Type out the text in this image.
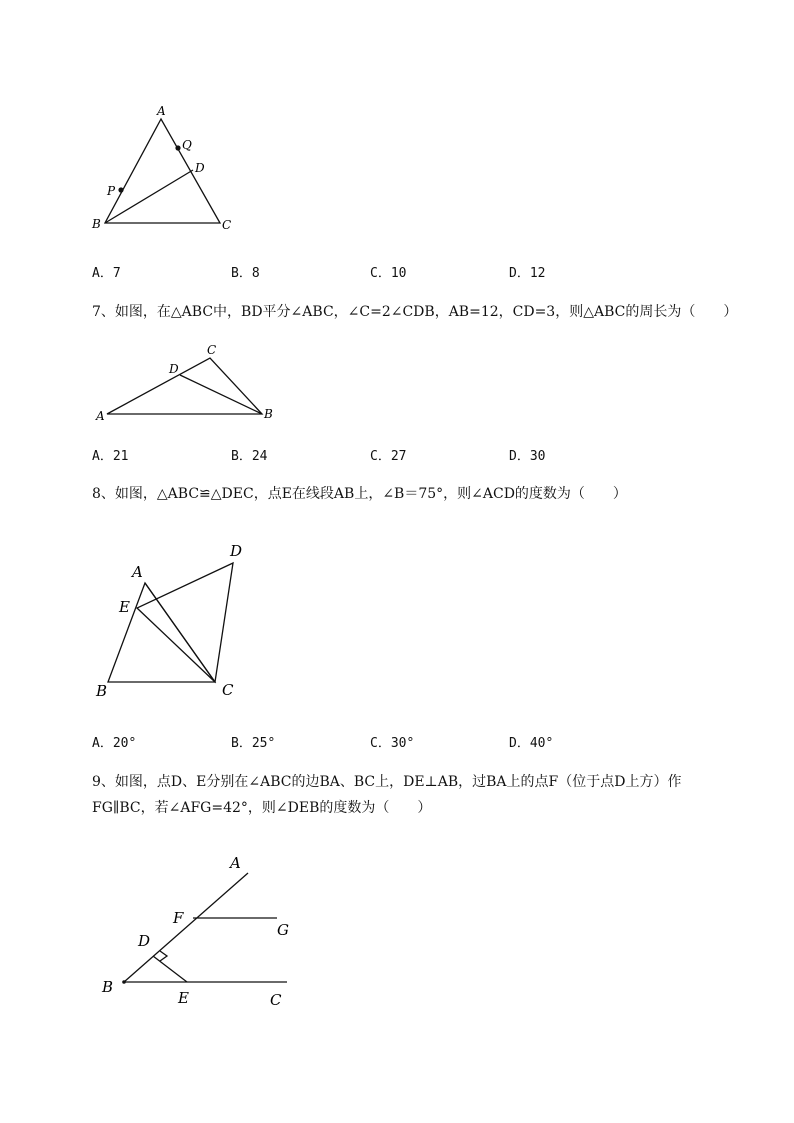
A
Q
D
P
B	C
A．7	B．8	C．10	D．12
7、如图，在△ABC中，BD平分∠ABC，∠C=2∠CDB，AB=12，CD=3，则△ABC的周长为（　　）
C
D
A	B
A．21	B．24	C．27	D．30
8、如图，△ABC≌△DEC，点E在线段AB上，∠B＝75°，则∠ACD的度数为（　　）
D
A
E
B	C
A．20°	B．25°	C．30°	D．40°
9、如图，点D、E分别在∠ABC的边BA、BC上，DE⊥AB，过BA上的点F（位于点D上方）作
FG∥BC，若∠AFG=42°，则∠DEB的度数为（　　）
A
F
G
D
B
E	C
